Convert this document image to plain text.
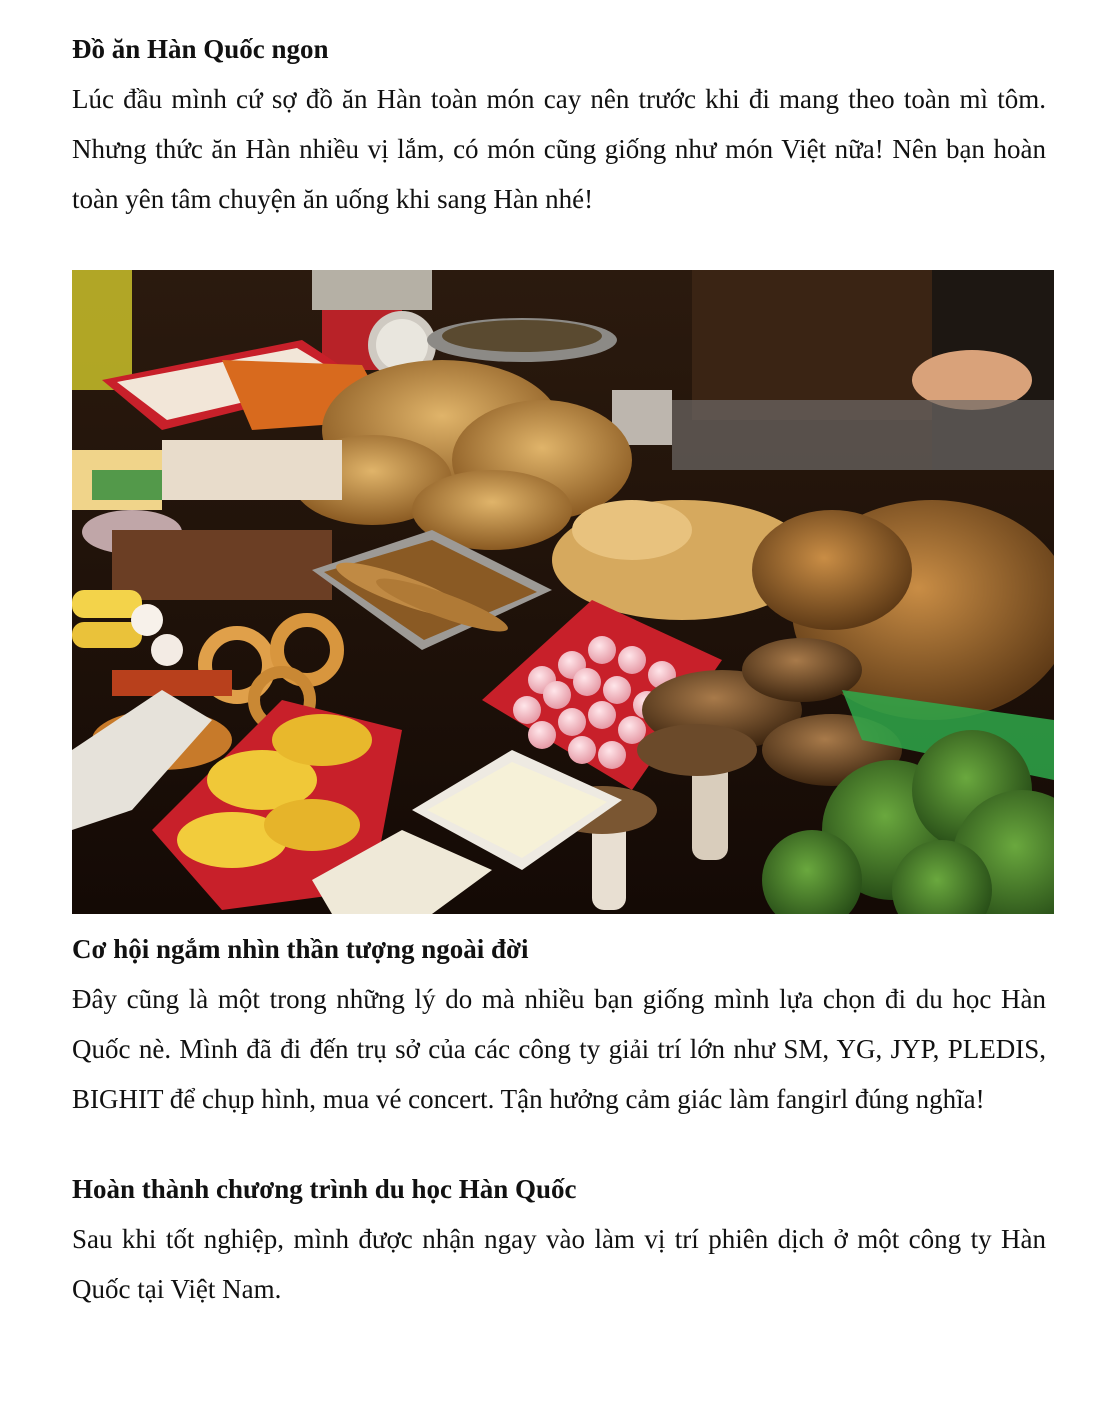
Đồ ăn Hàn Quốc ngon

Lúc đầu mình cứ sợ đồ ăn Hàn toàn món cay nên trước khi đi mang theo toàn mì tôm. Nhưng thức ăn Hàn nhiều vị lắm, có món cũng giống như món Việt nữa! Nên bạn hoàn toàn yên tâm chuyện ăn uống khi sang Hàn nhé!

Cơ hội ngắm nhìn thần tượng ngoài đời

Đây cũng là một trong những lý do mà nhiều bạn giống mình lựa chọn đi du học Hàn Quốc nè. Mình đã đi đến trụ sở của các công ty giải trí lớn như SM, YG, JYP, PLEDIS, BIGHIT để chụp hình, mua vé concert. Tận hưởng cảm giác làm fangirl đúng nghĩa!

Hoàn thành chương trình du học Hàn Quốc

Sau khi tốt nghiệp, mình được nhận ngay vào làm vị trí phiên dịch ở một công ty Hàn Quốc tại Việt Nam.
